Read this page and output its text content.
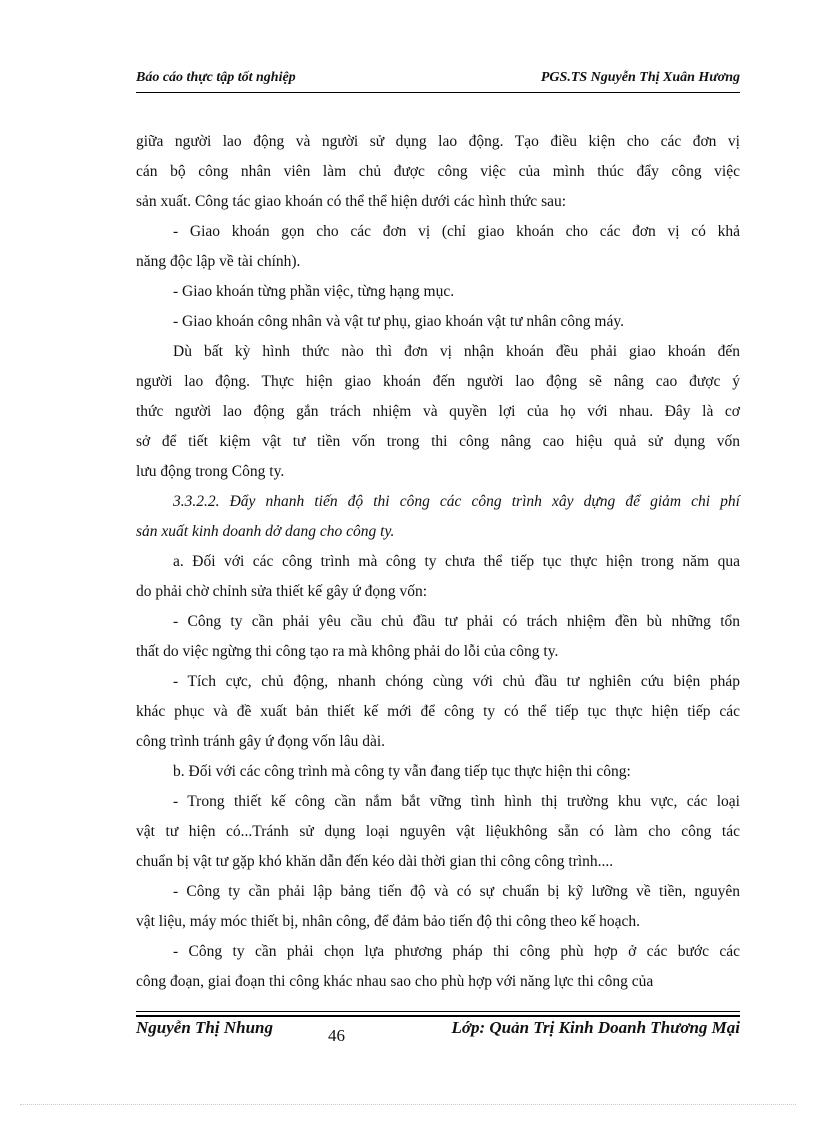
Báo cáo thực tập tốt nghiệp	PGS.TS Nguyễn Thị Xuân Hương
giữa người lao động và người sử dụng lao động. Tạo điều kiện cho các đơn vị
cán bộ công nhân viên làm chủ được công việc của mình thúc đẩy công việc
sản xuất. Công tác giao khoán có thể thể hiện dưới các hình thức sau:
- Giao khoán gọn cho các đơn vị (chỉ giao khoán cho các đơn vị có khả
năng độc lập về tài chính).
- Giao khoán từng phần việc, từng hạng mục.
- Giao khoán công nhân và vật tư phụ, giao khoán vật tư nhân công máy.
Dù bất kỳ hình thức nào thì đơn vị nhận khoán đều phải giao khoán đến
người lao động. Thực hiện giao khoán đến người lao động sẽ nâng cao được ý
thức người lao động gắn trách nhiệm và quyền lợi của họ với nhau. Đây là cơ
sở để tiết kiệm vật tư tiền vốn trong thi công nâng cao hiệu quả sử dụng vốn
lưu động trong Công ty.
3.3.2.2. Đẩy nhanh tiến độ thi công các công trình xây dựng để giảm chi phí
sản xuất kinh doanh dở dang cho công ty.
a. Đối với các công trình mà công ty chưa thể tiếp tục thực hiện trong năm qua
do phải chờ chỉnh sửa thiết kế gây ứ đọng vốn:
- Công ty cần phải yêu cầu chủ đầu tư phải có trách nhiệm đền bù những tổn
thất do việc ngừng thi công tạo ra mà không phải do lỗi của công ty.
- Tích cực, chủ động, nhanh chóng cùng với chủ đầu tư nghiên cứu biện pháp
khác phục và đề xuất bản thiết kế mới để công ty có thể tiếp tục thực hiện tiếp các
công trình tránh gây ứ đọng vốn lâu dài.
b. Đối với các công trình mà công ty vẫn đang tiếp tục thực hiện thi công:
- Trong thiết kế công cần nắm bắt vững tình hình thị trường khu vực, các loại
vật tư hiện có...Tránh sử dụng loại nguyên vật liệukhông sẵn có làm cho công tác
chuẩn bị vật tư gặp khó khăn dẫn đến kéo dài thời gian thi công công trình....
- Công ty cần phải lập bảng tiến độ và có sự chuẩn bị kỹ lưỡng về tiền, nguyên
vật liệu, máy móc thiết bị, nhân công, để đảm bảo tiến độ thi công theo kế hoạch.
- Công ty cần phải chọn lựa phương pháp thi công phù hợp ở các bước các
công đoạn, giai đoạn thi công khác nhau sao cho phù hợp với năng lực thi công của
Nguyễn Thị Nhung	46	Lớp: Quản Trị Kinh Doanh Thương Mại
